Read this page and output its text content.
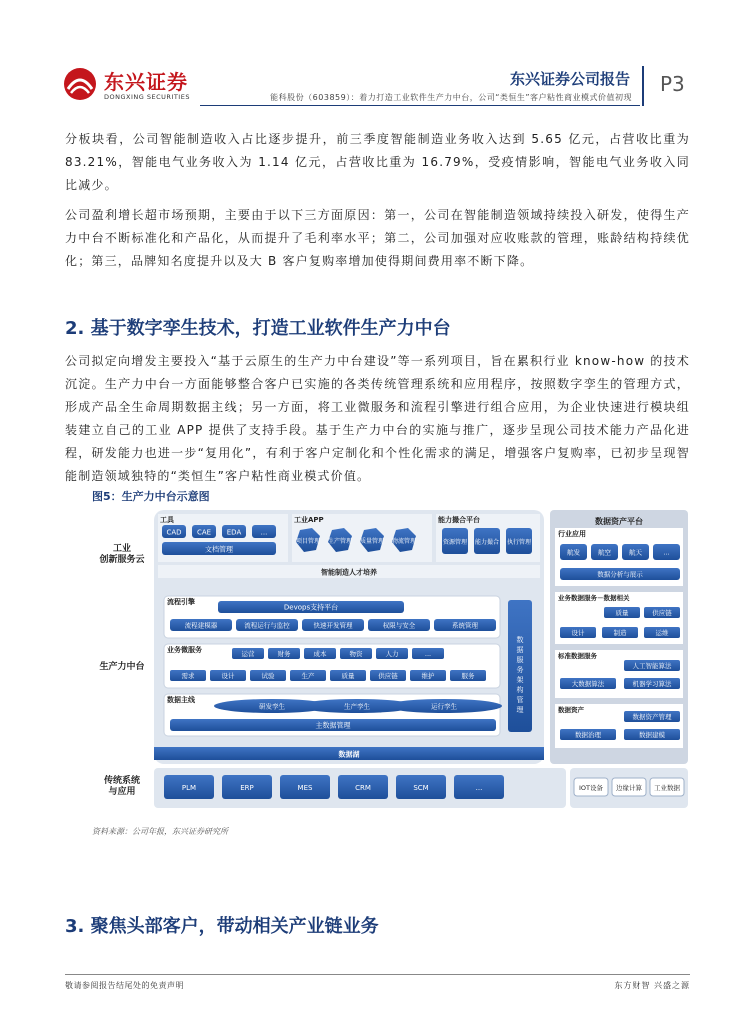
东兴证券
DONGXING SECURITIES
东兴证券公司报告
能科股份（603859）：着力打造工业软件生产力中台，公司“类恒生”客户粘性商业模式价值初现
P3
分板块看，公司智能制造收入占比逐步提升，前三季度智能制造业务收入达到 5.65 亿元，占营收比重为 83.21%，智能电气业务收入为 1.14 亿元，占营收比重为 16.79%，受疫情影响，智能电气业务收入同比减少。
公司盈利增长超市场预期，主要由于以下三方面原因：第一，公司在智能制造领域持续投入研发，使得生产力中台不断标准化和产品化，从而提升了毛利率水平；第二，公司加强对应收账款的管理，账龄结构持续优化；第三，品牌知名度提升以及大 B 客户复购率增加使得期间费用率不断下降。
2. 基于数字孪生技术，打造工业软件生产力中台
公司拟定向增发主要投入“基于云原生的生产力中台建设”等一系列项目，旨在累积行业 know-how 的技术沉淀。生产力中台一方面能够整合客户已实施的各类传统管理系统和应用程序，按照数字孪生的管理方式，形成产品全生命周期数据主线；另一方面，将工业微服务和流程引擎进行组合应用，为企业快速进行模块组装建立自己的工业 APP 提供了支持手段。基于生产力中台的实施与推广，逐步呈现公司技术能力产品化进程，研发能力也进一步“复用化”，有利于客户定制化和个性化需求的满足，增强客户复购率，已初步呈现智能制造领域独特的“类恒生”客户粘性商业模式价值。
图5：生产力中台示意图
工业
创新服务云
生产力中台
传统系统
与应用
工具
CAD CAE EDA	...
文档管理
工业APP
项目管理 生产管理 质量管理 物流管理
能力撮合平台
资源管理 能力撮合 执行管理
智能制造人才培养
流程引擎
Devops支持平台
流程建模器	流程运行与监控	快速开发管理	权限与安全	系统管理
业务微服务	运营	财务	成本	物资	人力	...
需求	设计	试验	生产	质量	供应链	维护	服务
数据主线
研发孪生	生产孪生	运行孪生
主数据管理
数
据
服
务
架
构
管
理
数据湖
数据资产平台
行业应用
航发	航空	航天	...
数据分析与展示
业务数据服务－数据相关
质量	供应链
设计	制造	运维
标准数据服务
人工智能算法
大数据算法	机器学习算法
数据资产
数据资产管理
数据治理	数据建模
PLM	ERP	MES	CRM	SCM	...	IOT设备 边缘计算 工业数据
资料来源：公司年报，东兴证券研究所
3. 聚焦头部客户，带动相关产业链业务
敬请参阅报告结尾处的免责声明	东方财智 兴盛之源
